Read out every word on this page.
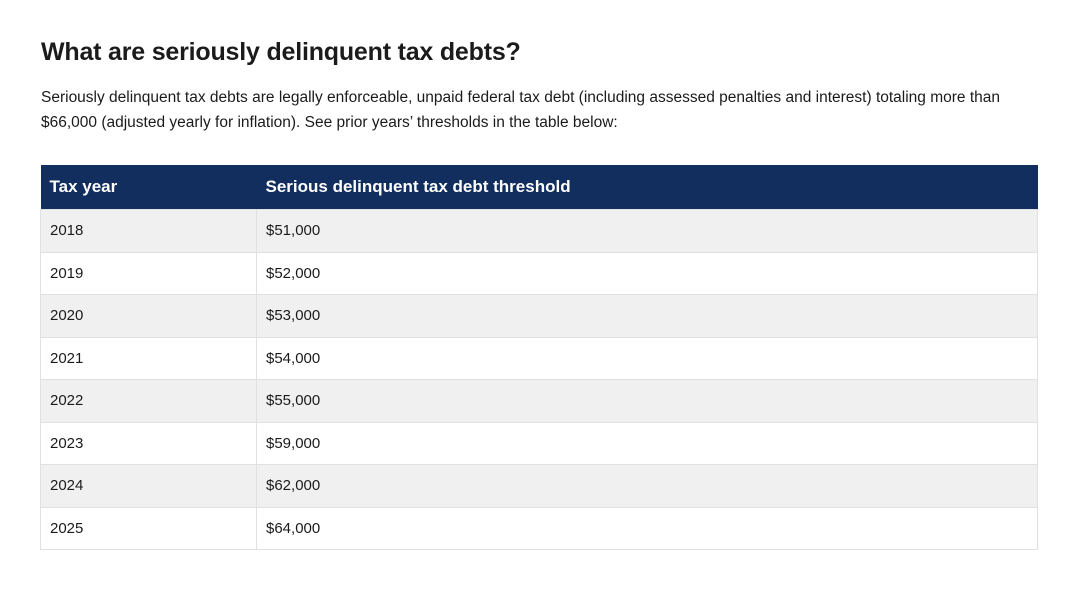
What are seriously delinquent tax debts?

Seriously delinquent tax debts are legally enforceable, unpaid federal tax debt (including assessed penalties and interest) totaling more than $66,000 (adjusted yearly for inflation). See prior years’ thresholds in the table below:

Tax year	Serious delinquent tax debt threshold
2018	$51,000
2019	$52,000
2020	$53,000
2021	$54,000
2022	$55,000
2023	$59,000
2024	$62,000
2025	$64,000
